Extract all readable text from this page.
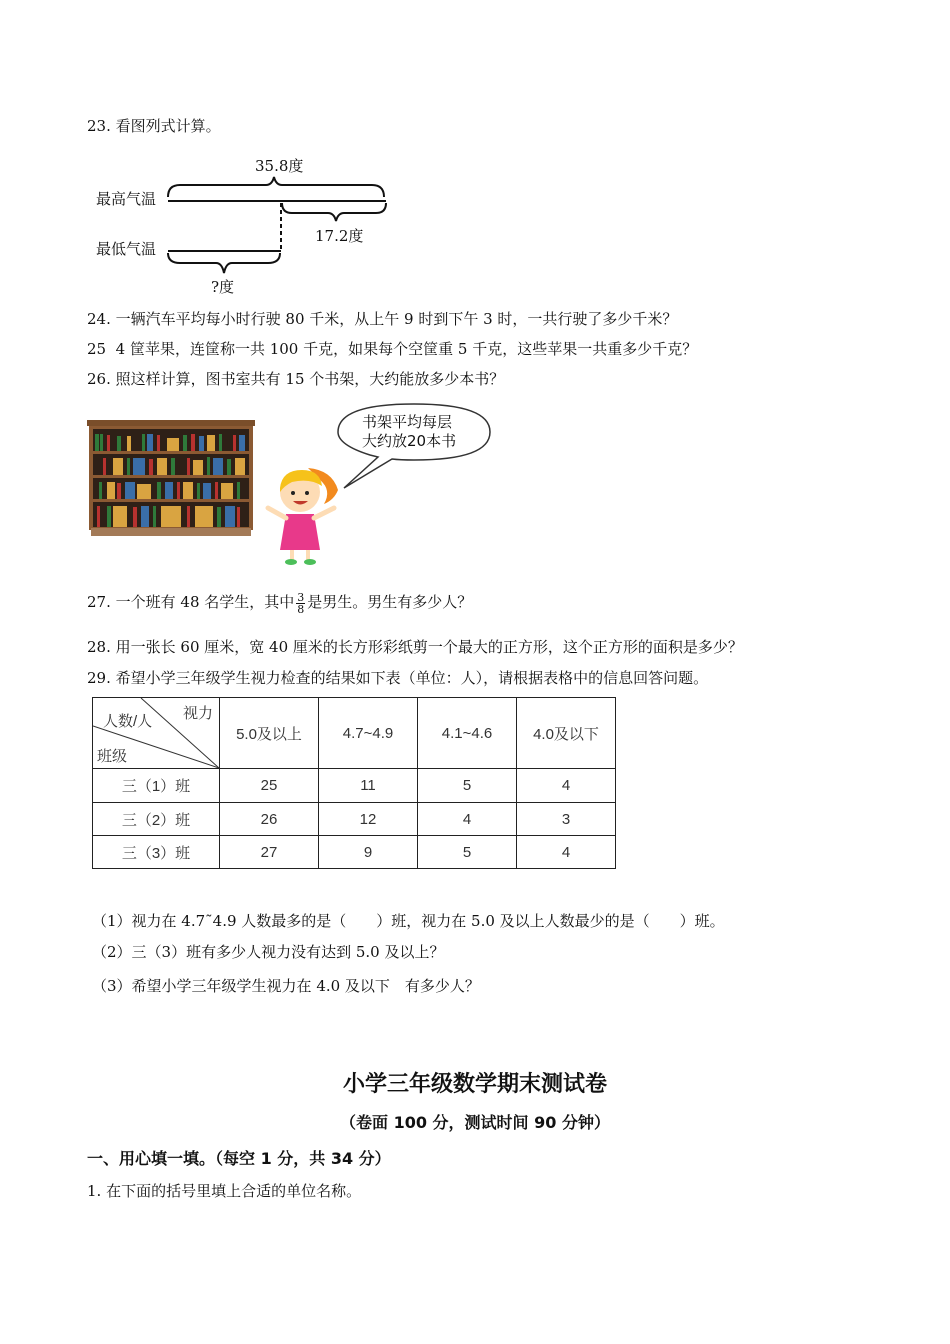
23. 看图列式计算。
35.8度
最高气温
最低气温
17.2度
?度
24. 一辆汽车平均每小时行驶 80 千米，从上午 9 时到下午 3 时，一共行驶了多少千米？
25 4 筐苹果，连筐称一共 100 千克，如果每个空筐重 5 千克，这些苹果一共重多少千克？
26. 照这样计算，图书室共有 15 个书架，大约能放多少本书？
书架平均每层
大约放20本书
27. 一个班有 48 名学生，其中 $\frac{3}{8}$ 是男生。男生有多少人？
28. 用一张长 60 厘米，宽 40 厘米的长方形彩纸剪一个最大的正方形，这个正方形的面积是多少？
29. 希望小学三年级学生视力检查的结果如下表（单位：人），请根据表格中的信息回答问题。
人数/人 视力
班级	5.0及以上	4.7~4.9	4.1~4.6	4.0及以下
三（1）班	25	11	5	4
三（2）班	26	12	4	3
三（3）班	27	9	5	4
（1）视力在 4.7˜4.9 人数最多的是（　　）班，视力在 5.0 及以上人数最少的是（　　）班。
（2）三（3）班有多少人视力没有达到 5.0 及以上？
（3）希望小学三年级学生视力在 4.0 及以下　有多少人？
小学三年级数学期末测试卷
（卷面 100 分，测试时间 90 分钟）
一、用心填一填。（每空 1 分，共 34 分）
1. 在下面的括号里填上合适的单位名称。
